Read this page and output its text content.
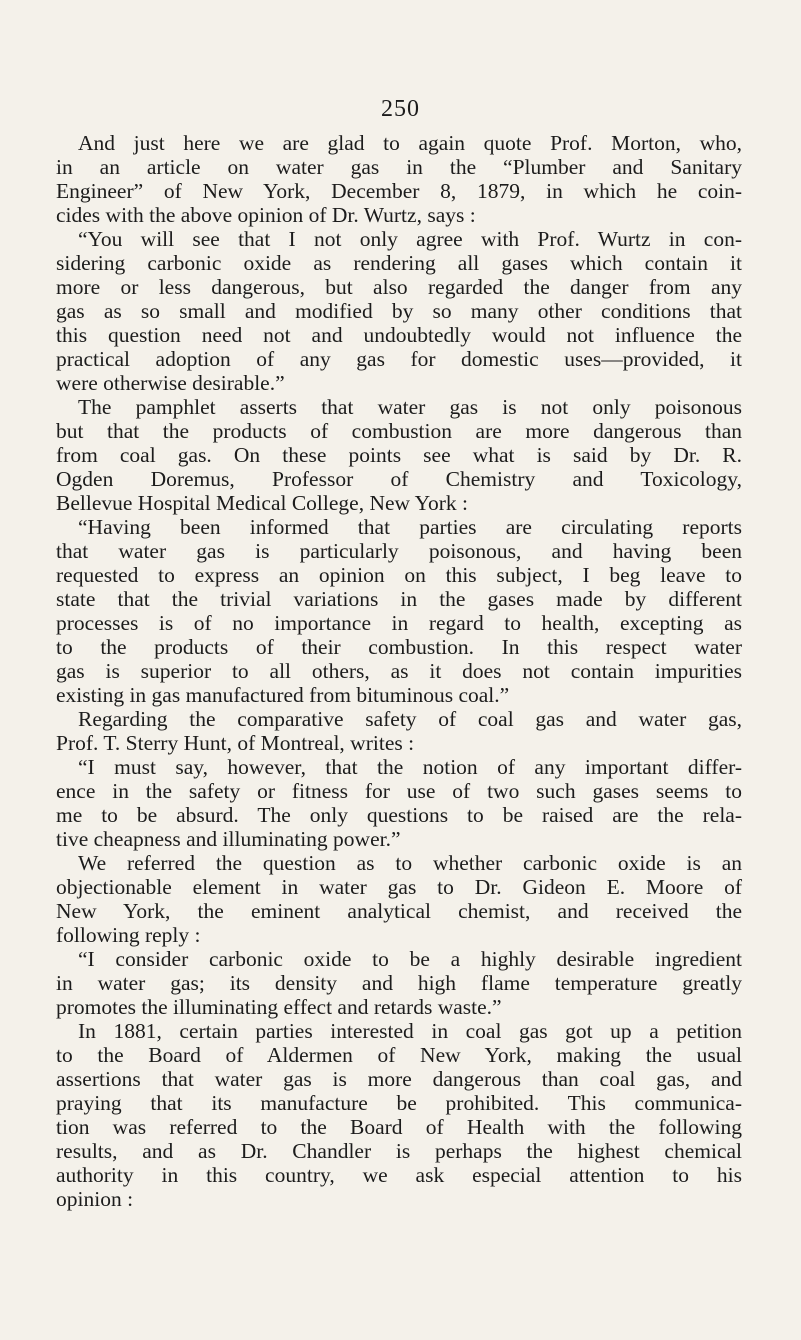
250
And just here we are glad to again quote Prof. Morton, who,
in an article on water gas in the “Plumber and Sanitary
Engineer” of New York, December 8, 1879, in which he coin-
cides with the above opinion of Dr. Wurtz, says :
“You will see that I not only agree with Prof. Wurtz in con-
sidering carbonic oxide as rendering all gases which contain it
more or less dangerous, but also regarded the danger from any
gas as so small and modified by so many other conditions that
this question need not and undoubtedly would not influence the
practical adoption of any gas for domestic uses—provided, it
were otherwise desirable.”
The pamphlet asserts that water gas is not only poisonous
but that the products of combustion are more dangerous than
from coal gas. On these points see what is said by Dr. R.
Ogden Doremus, Professor of Chemistry and Toxicology,
Bellevue Hospital Medical College, New York :
“Having been informed that parties are circulating reports
that water gas is particularly poisonous, and having been
requested to express an opinion on this subject, I beg leave to
state that the trivial variations in the gases made by different
processes is of no importance in regard to health, excepting as
to the products of their combustion. In this respect water
gas is superior to all others, as it does not contain impurities
existing in gas manufactured from bituminous coal.”
Regarding the comparative safety of coal gas and water gas,
Prof. T. Sterry Hunt, of Montreal, writes :
“I must say, however, that the notion of any important differ-
ence in the safety or fitness for use of two such gases seems to
me to be absurd. The only questions to be raised are the rela-
tive cheapness and illuminating power.”
We referred the question as to whether carbonic oxide is an
objectionable element in water gas to Dr. Gideon E. Moore of
New York, the eminent analytical chemist, and received the
following reply :
“I consider carbonic oxide to be a highly desirable ingredient
in water gas; its density and high flame temperature greatly
promotes the illuminating effect and retards waste.”
In 1881, certain parties interested in coal gas got up a petition
to the Board of Aldermen of New York, making the usual
assertions that water gas is more dangerous than coal gas, and
praying that its manufacture be prohibited. This communica-
tion was referred to the Board of Health with the following
results, and as Dr. Chandler is perhaps the highest chemical
authority in this country, we ask especial attention to his
opinion :
